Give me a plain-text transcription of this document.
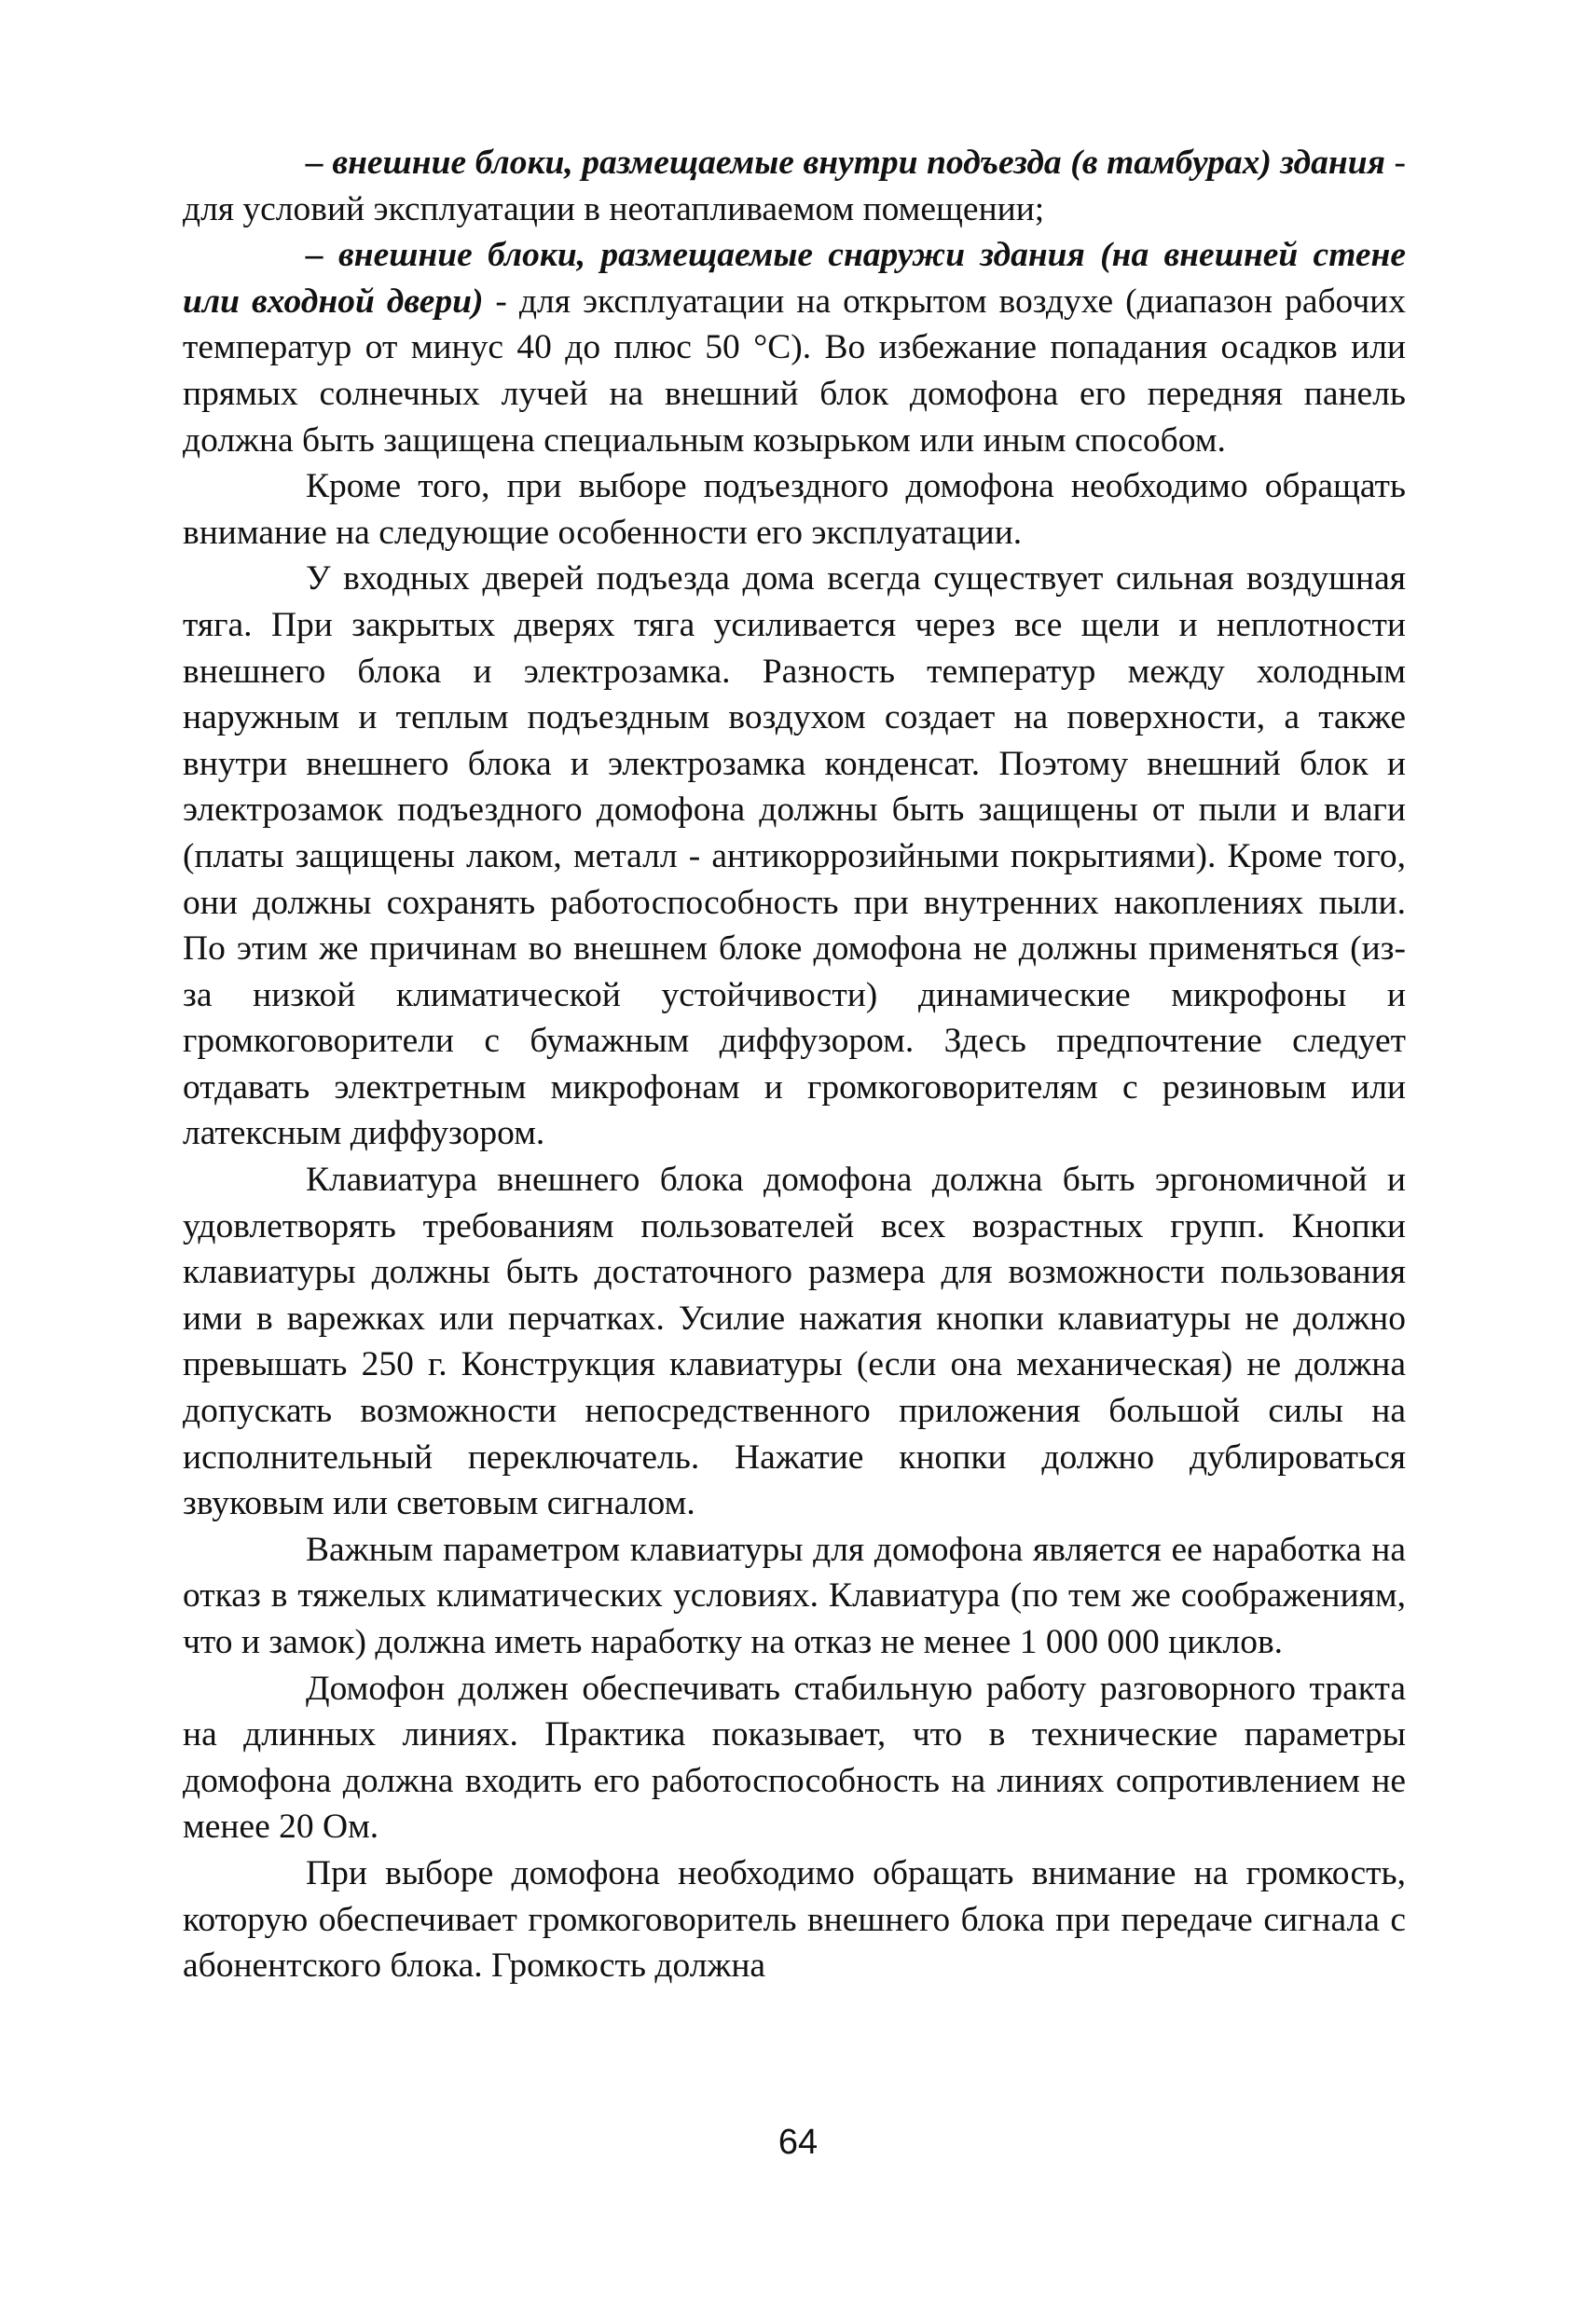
– внешние блоки, размещаемые внутри подъезда (в тамбурах) здания - для условий эксплуатации в неотапливаемом помещении;

– внешние блоки, размещаемые снаружи здания (на внешней стене или входной двери) - для эксплуатации на открытом воздухе (диапазон рабочих температур от минус 40 до плюс 50 °С). Во избежание попадания осадков или прямых солнечных лучей на внешний блок домофона его передняя панель должна быть защищена специальным козырьком или иным способом.

Кроме того, при выборе подъездного домофона необходимо обращать внимание на следующие особенности его эксплуатации.

У входных дверей подъезда дома всегда существует сильная воздушная тяга. При закрытых дверях тяга усиливается через все щели и неплотности внешнего блока и электрозамка. Разность температур между холодным наружным и теплым подъездным воздухом создает на поверхности, а также внутри внешнего блока и электрозамка конденсат. Поэтому внешний блок и электрозамок подъездного домофона должны быть защищены от пыли и влаги (платы защищены лаком, металл - антикоррозийными покрытиями). Кроме того, они должны сохранять работоспособность при внутренних накоплениях пыли. По этим же причинам во внешнем блоке домофона не должны применяться (из-за низкой климатической устойчивости) динамические микрофоны и громкоговорители с бумажным диффузором. Здесь предпочтение следует отдавать электретным микрофонам и громкоговорителям с резиновым или латексным диффузором.

Клавиатура внешнего блока домофона должна быть эргономичной и удовлетворять требованиям пользователей всех возрастных групп. Кнопки клавиатуры должны быть достаточного размера для возможности пользования ими в варежках или перчатках. Усилие нажатия кнопки клавиатуры не должно превышать 250 г. Конструкция клавиатуры (если она механическая) не должна допускать возможности непосредственного приложения большой силы на исполнительный переключатель. Нажатие кнопки должно дублироваться звуковым или световым сигналом.

Важным параметром клавиатуры для домофона является ее наработка на отказ в тяжелых климатических условиях. Клавиатура (по тем же соображениям, что и замок) должна иметь наработку на отказ не менее 1 000 000 циклов.

Домофон должен обеспечивать стабильную работу разговорного тракта на длинных линиях. Практика показывает, что в технические параметры домофона должна входить его работоспособность на линиях сопротивлением не менее 20 Ом.

При выборе домофона необходимо обращать внимание на громкость, которую обеспечивает громкоговоритель внешнего блока при передаче сигнала с абонентского блока. Громкость должна

64
